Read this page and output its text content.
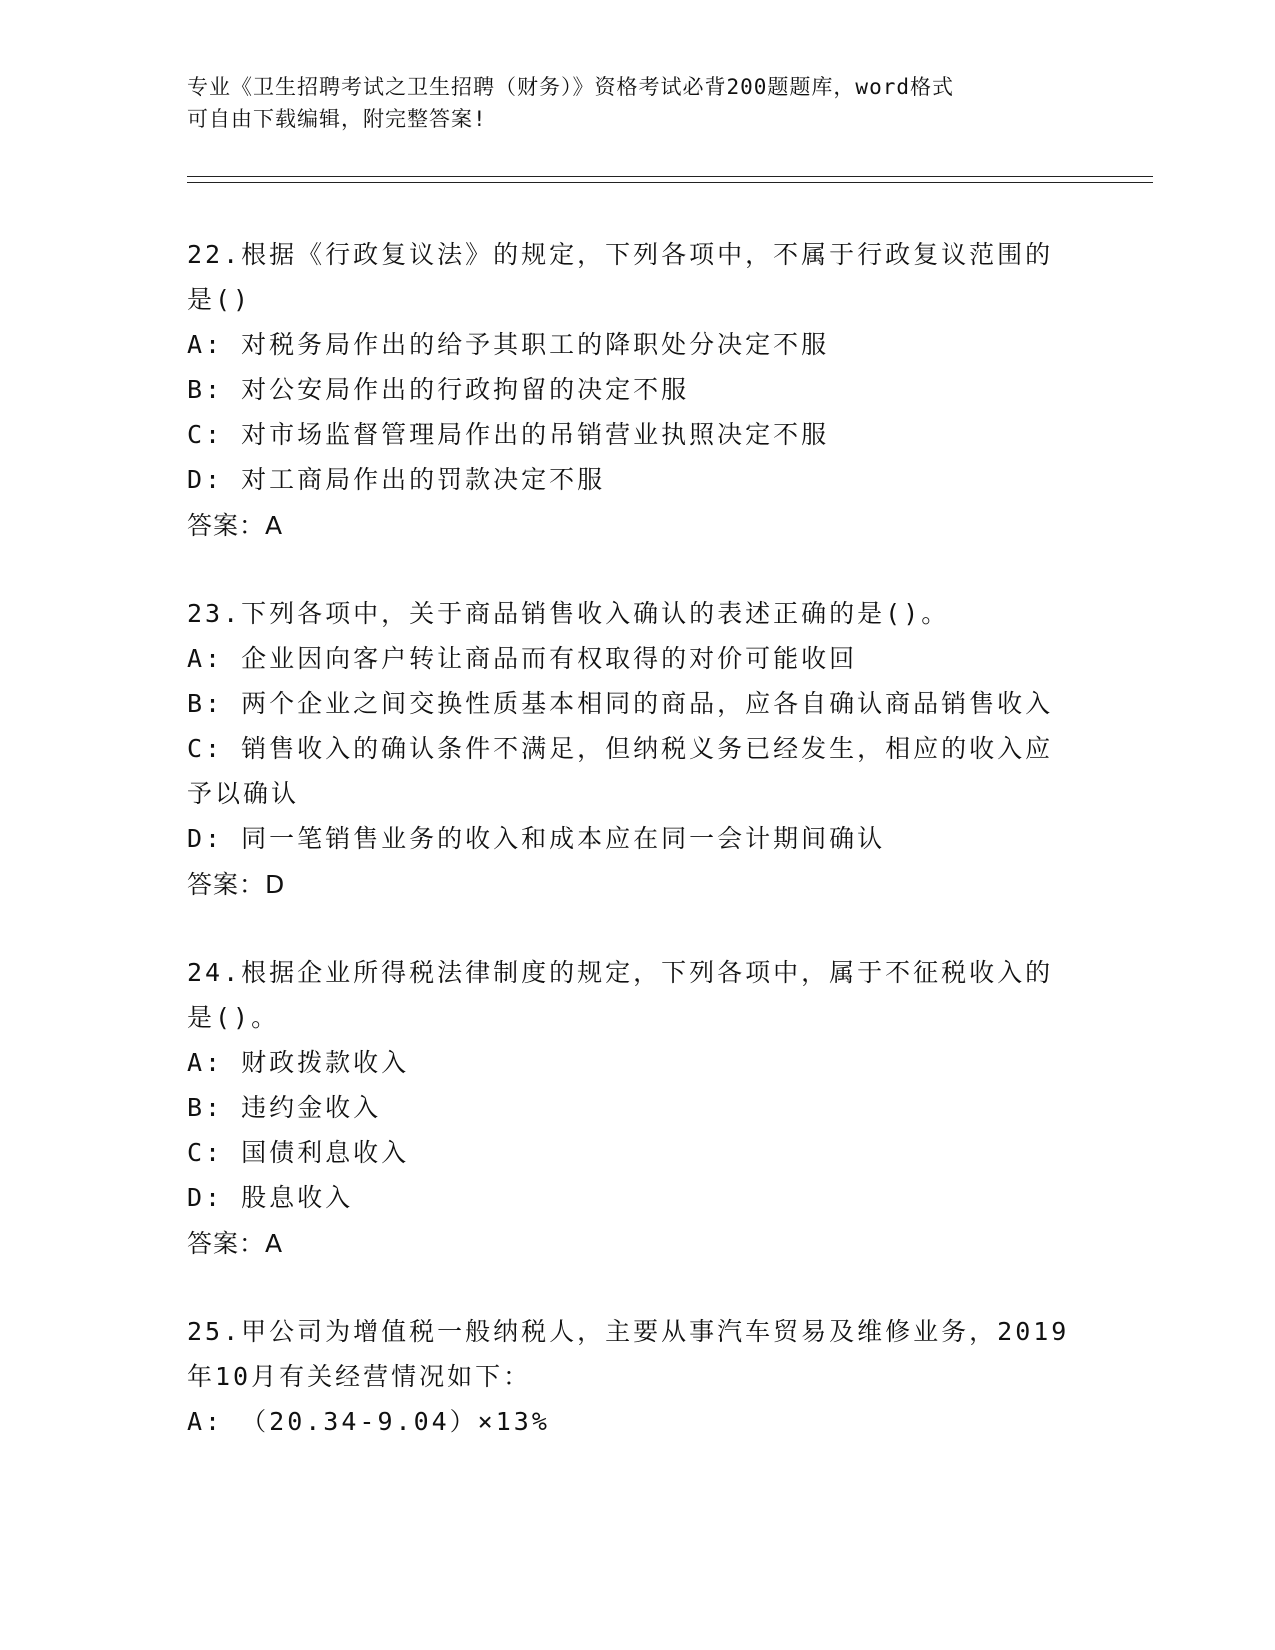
专业《卫生招聘考试之卫生招聘（财务）》资格考试必背200题题库，word格式
可自由下载编辑，附完整答案!
22.根据《行政复议法》的规定，下列各项中，不属于行政复议范围的
是()
A: 对税务局作出的给予其职工的降职处分决定不服
B: 对公安局作出的行政拘留的决定不服
C: 对市场监督管理局作出的吊销营业执照决定不服
D: 对工商局作出的罚款决定不服
答案：A
23.下列各项中，关于商品销售收入确认的表述正确的是()。
A: 企业因向客户转让商品而有权取得的对价可能收回
B: 两个企业之间交换性质基本相同的商品，应各自确认商品销售收入
C: 销售收入的确认条件不满足，但纳税义务已经发生，相应的收入应
予以确认
D: 同一笔销售业务的收入和成本应在同一会计期间确认
答案：D
24.根据企业所得税法律制度的规定，下列各项中，属于不征税收入的
是()。
A: 财政拨款收入
B: 违约金收入
C: 国债利息收入
D: 股息收入
答案：A
25.甲公司为增值税一般纳税人，主要从事汽车贸易及维修业务，2019
年10月有关经营情况如下：
A: （20.34-9.04）×13%
